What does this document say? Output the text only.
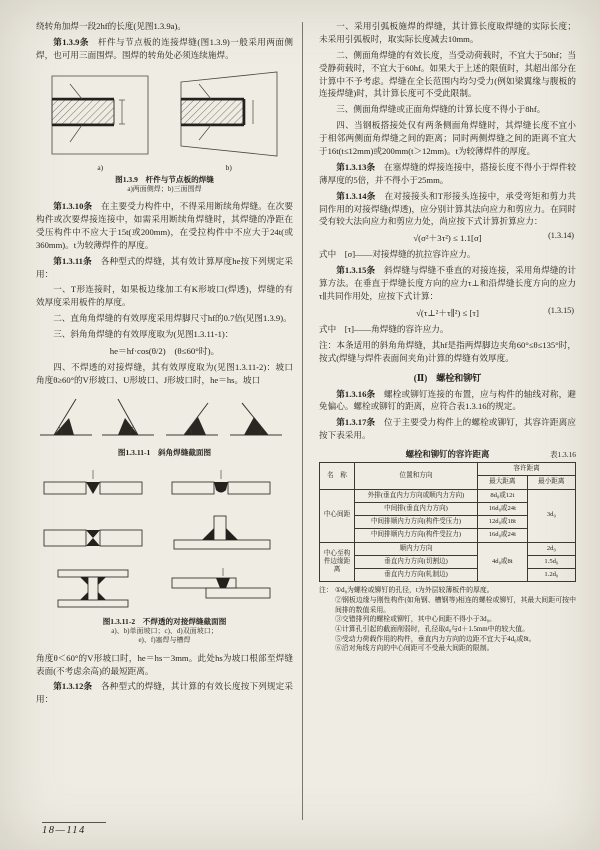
绕转角加焊一段2hf的长度(见图1.3.9a)。

第1.3.9条　杆件与节点板的连接焊缝(图1.3.9)一般采用两面侧焊，也可用三面围焊。围焊的转角处必须连续施焊。

a)	b)
图1.3.9　杆件与节点板的焊缝
a)两面侧焊；b)三面围焊

第1.3.10条　在主要受力构件中，不得采用断续角焊缝。在次要构件或次要焊接连接中，如需采用断续角焊缝时，其焊缝的净距在受压构件中不应大于15t(或200mm)，在受拉构件中不应大于24t(或360mm)。t为较薄焊件的厚度。

第1.3.11条　各种型式的焊缝，其有效计算厚度he按下列规定采用：

一、T形连接时，如果板边缘加工有K形坡口(焊透)，焊缝的有效厚度采用板件的厚度。

二、直角角焊缝的有效厚度采用焊脚尺寸hf的0.7倍(见图1.3.9)。

三、斜角角焊缝的有效厚度取为(见图1.3.11-1)：

he＝hf·cos(θ/2)　(θ≤60°时)。

四、不焊透的对接焊缝，其有效厚度取为(见图1.3.11-2)：坡口角度θ≥60°的V形坡口、U形坡口、J形坡口时，he＝hs。坡口

图1.3.11-1　斜角焊缝截面图
图1.3.11-2　不焊透的对接焊缝截面图
a)、b)单面坡口；c)、d)双面坡口；
e)、f)塞焊与槽焊

角度θ＜60°的V形坡口时，he＝hs－3mm。此处hs为坡口根部至焊缝表面(不考虑余高)的最短距离。

第1.3.12条　各种型式的焊缝，其计算的有效长度按下列规定采用：

一、采用引弧板施焊的焊缝，其计算长度取焊缝的实际长度；未采用引弧板时，取实际长度减去10mm。

二、侧面角焊缝的有效长度，当受动荷载时，不宜大于50hf；当受静荷载时，不宜大于60hf。如果大于上述的限值时，其超出部分在计算中不予考虑。焊缝在全长范围内均匀受力(例如梁翼缘与腹板的连接焊缝)时，其计算长度可不受此限制。

三、侧面角焊缝或正面角焊缝的计算长度不得小于8hf。

四、当钢板搭接处仅有两条侧面角焊缝时，其焊缝长度不宜小于相邻两侧面角焊缝之间的距离；同时两侧焊缝之间的距离不宜大于16t(t≤12mm)或200mm(t＞12mm)。t为较薄焊件的厚度。

第1.3.13条　在塞焊缝的焊接连接中，搭接长度不得小于焊件较薄厚度的5倍，并不得小于25mm。

第1.3.14条　在对接接头和T形接头连接中，承受弯矩和剪力共同作用的对接焊缝(焊透)，应分别计算其法向应力和剪应力。在同时受有较大法向应力和剪应力处，尚应按下式计算折算应力：

√(σ²＋3τ²) ≤ 1.1[σ]	(1.3.14)

式中　[σ]——对接焊缝的抗拉容许应力。

第1.3.15条　斜焊缝与焊缝不垂直的对接连接，采用角焊缝的计算方法。在垂直于焊缝长度方向的应力τ⊥和沿焊缝长度方向的应力τ∥共同作用处，应按下式计算：

√(τ⊥²＋τ∥²) ≤ [τ]	(1.3.15)

式中　[τ]——角焊缝的容许应力。

注：本条适用的斜角角焊缝，其hf是指两焊脚边夹角60°≤θ≤135°时，按式(焊缝与焊件表面间夹角)计算的焊缝有效厚度。

(Ⅱ)　螺栓和铆钉

第1.3.16条　螺栓或铆钉连接的布置，应与构件的轴线对称，避免偏心。螺栓或铆钉的距离，应符合表1.3.16的规定。

第1.3.17条　位于主要受力构件上的螺栓或铆钉，其容许距离应按下表采用。

螺栓和铆钉的容许距离	表1.3.16
名　称	位置和方向	容许距离	
		最大距离	最小距离
中心间距	外排(垂直内力方向或顺内力方向)	8d₀或12t	3d₀
	中间排(垂直内力方向)	16d₀或24t	
	中间排顺内力方向(构件受压力)	12d₀或18t	
	中间排顺内力方向(构件受拉力)	16d₀或24t	
中心至构件边缘距离	顺内力方向	4d₀或8t	2d₀
	垂直内力方向(切割边)		1.5d₀
	垂直内力方向(轧制边)		1.2d₀
注： ①d₀为螺栓或铆钉的孔径，t为外层较薄板件的厚度。
②钢板边缘与刚性构件(如角钢、槽钢等)相连的螺栓或铆钉，其最大间距可按中间排的数值采用。
③交错排列的螺栓或铆钉，其中心间距不得小于3d₀。
④计算孔引起的截面削弱时，孔径取d₀与d＋1.5mm中的较大值。
⑤受动力荷载作用的构件，垂直内力方向的边距不宜大于4d₀或8t。
⑥沿对角线方向的中心间距可不受最大间距的限制。
18—114
